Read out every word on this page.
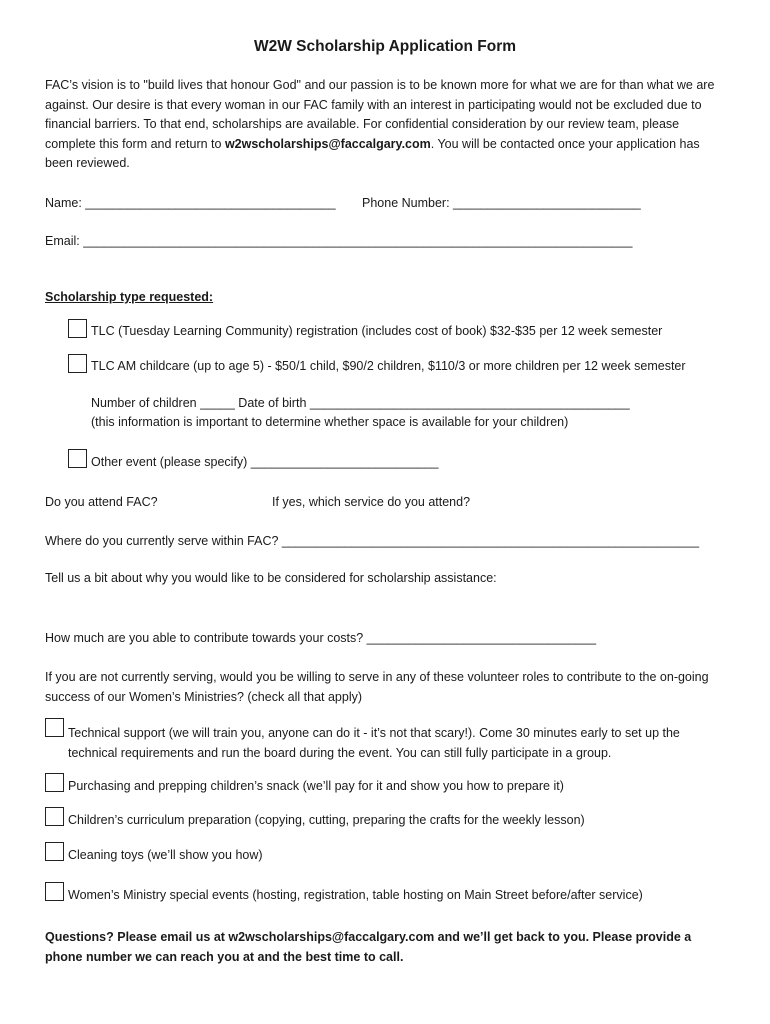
W2W Scholarship Application Form
FAC’s vision is to "build lives that honour God" and our passion is to be known more for what we are for than what we are against. Our desire is that every woman in our FAC family with an interest in participating would not be excluded due to financial barriers. To that end, scholarships are available. For confidential consideration by our review team, please complete this form and return to w2wscholarships@faccalgary.com. You will be contacted once your application has been reviewed.
Name: ____________________________________ Phone Number: ___________________________
Email: _______________________________________________________________________________
Scholarship type requested:
TLC (Tuesday Learning Community) registration (includes cost of book) $32-$35 per 12 week semester
TLC AM childcare (up to age 5) - $50/1 child, $90/2 children, $110/3 or more children per 12 week semester
Number of children _____ Date of birth ______________________________________________
(this information is important to determine whether space is available for your children)
Other event (please specify) ___________________________
Do you attend FAC?	If yes, which service do you attend?
Where do you currently serve within FAC? ____________________________________________________________
Tell us a bit about why you would like to be considered for scholarship assistance:
How much are you able to contribute towards your costs? _________________________________
If you are not currently serving, would you be willing to serve in any of these volunteer roles to contribute to the on-going success of our Women’s Ministries? (check all that apply)
Technical support (we will train you, anyone can do it - it’s not that scary!). Come 30 minutes early to set up the technical requirements and run the board during the event. You can still fully participate in a group.
Purchasing and prepping children’s snack (we’ll pay for it and show you how to prepare it)
Children’s curriculum preparation (copying, cutting, preparing the crafts for the weekly lesson)
Cleaning toys (we’ll show you how)
Women’s Ministry special events (hosting, registration, table hosting on Main Street before/after service)
Questions? Please email us at w2wscholarships@faccalgary.com and we’ll get back to you. Please provide a phone number we can reach you at and the best time to call.
